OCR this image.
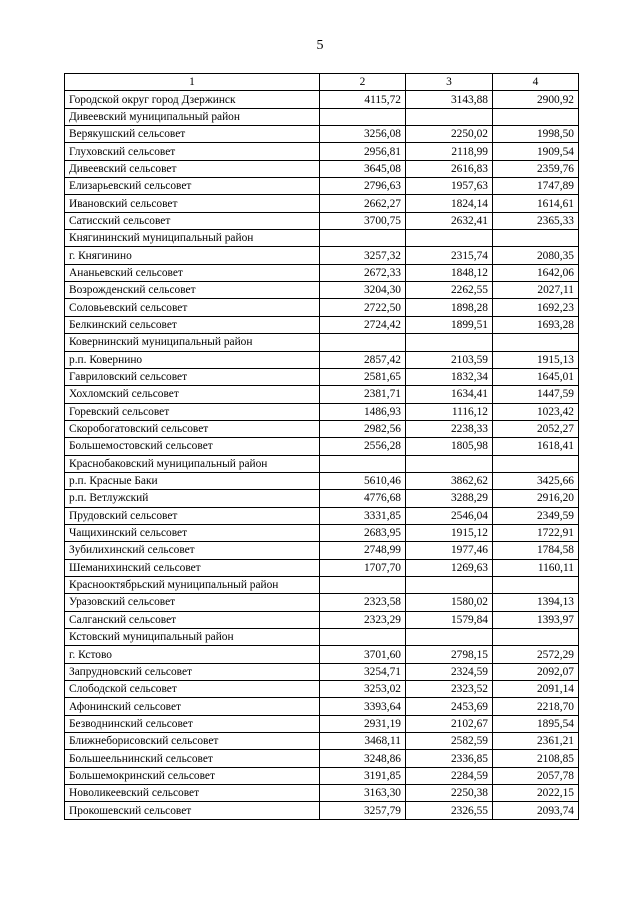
5
1	2	3	4
Городской округ город Дзержинск	4115,72	3143,88	2900,92
Дивеевский муниципальный район			
Верякушский сельсовет	3256,08	2250,02	1998,50
Глуховский сельсовет	2956,81	2118,99	1909,54
Дивеевский сельсовет	3645,08	2616,83	2359,76
Елизарьевский сельсовет	2796,63	1957,63	1747,89
Ивановский сельсовет	2662,27	1824,14	1614,61
Сатисский сельсовет	3700,75	2632,41	2365,33
Княгининский муниципальный район			
г. Княгинино	3257,32	2315,74	2080,35
Ананьевский сельсовет	2672,33	1848,12	1642,06
Возрожденский сельсовет	3204,30	2262,55	2027,11
Соловьевский сельсовет	2722,50	1898,28	1692,23
Белкинский сельсовет	2724,42	1899,51	1693,28
Ковернинский муниципальный район			
р.п. Ковернино	2857,42	2103,59	1915,13
Гавриловский сельсовет	2581,65	1832,34	1645,01
Хохломский сельсовет	2381,71	1634,41	1447,59
Горевский сельсовет	1486,93	1116,12	1023,42
Скоробогатовский сельсовет	2982,56	2238,33	2052,27
Большемостовский сельсовет	2556,28	1805,98	1618,41
Краснобаковский муниципальный район			
р.п. Красные Баки	5610,46	3862,62	3425,66
р.п. Ветлужский	4776,68	3288,29	2916,20
Прудовский сельсовет	3331,85	2546,04	2349,59
Чащихинский сельсовет	2683,95	1915,12	1722,91
Зубилихинский сельсовет	2748,99	1977,46	1784,58
Шеманихинский сельсовет	1707,70	1269,63	1160,11
Краснооктябрьский муниципальный район			
Уразовский сельсовет	2323,58	1580,02	1394,13
Салганский сельсовет	2323,29	1579,84	1393,97
Кстовский муниципальный район			
г. Кстово	3701,60	2798,15	2572,29
Запрудновский сельсовет	3254,71	2324,59	2092,07
Слободской сельсовет	3253,02	2323,52	2091,14
Афонинский сельсовет	3393,64	2453,69	2218,70
Безводнинский сельсовет	2931,19	2102,67	1895,54
Ближнеборисовский сельсовет	3468,11	2582,59	2361,21
Большеельнинский сельсовет	3248,86	2336,85	2108,85
Большемокринский сельсовет	3191,85	2284,59	2057,78
Новоликеевский сельсовет	3163,30	2250,38	2022,15
Прокошевский сельсовет	3257,79	2326,55	2093,74
